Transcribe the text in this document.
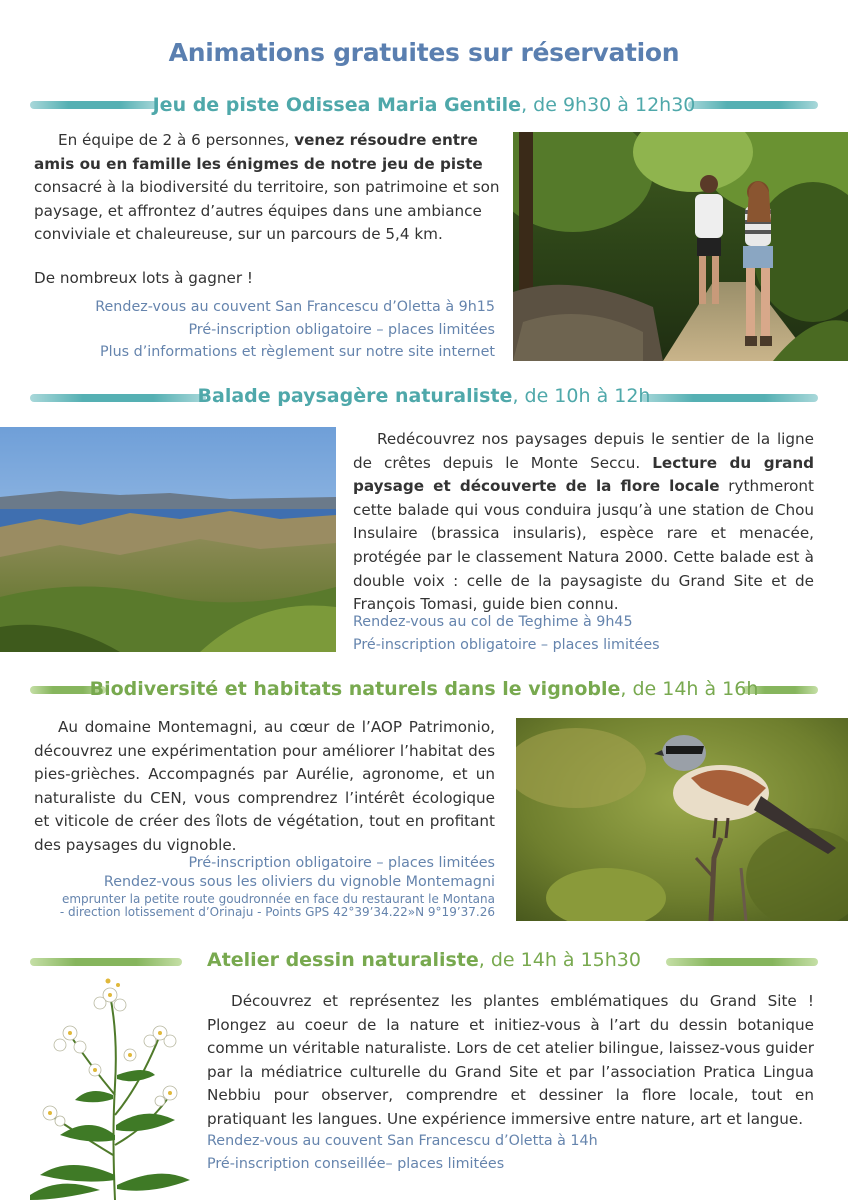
Animations gratuites sur réservation
Jeu de piste Odissea Maria Gentile, de 9h30 à 12h30
En équipe de 2 à 6 personnes, venez résoudre entre amis ou en famille les énigmes de notre jeu de piste consacré à la biodiversité du territoire, son patrimoine et son paysage, et affrontez d’autres équipes dans une ambiance conviviale et chaleureuse, sur un parcours de 5,4 km.
De nombreux lots à gagner !
Rendez-vous au couvent San Francescu d’Oletta à 9h15
Pré-inscription obligatoire – places limitées
Plus d’informations et règlement sur notre site internet
Balade paysagère naturaliste, de 10h à 12h
Redécouvrez nos paysages depuis le sentier de la ligne de crêtes depuis le Monte Seccu. Lecture du grand paysage et découverte de la flore locale rythmeront cette balade qui vous conduira jusqu’à une station de Chou Insulaire (brassica insularis), espèce rare et menacée, protégée par le classement Natura 2000. Cette balade est à double voix : celle de la paysagiste du Grand Site et de François Tomasi, guide bien connu.
Rendez-vous au col de Teghime à 9h45
Pré-inscription obligatoire – places limitées
Biodiversité et habitats naturels dans le vignoble, de 14h à 16h
Au domaine Montemagni, au cœur de l’AOP Patrimonio, découvrez une expérimentation pour améliorer l’habitat des pies-grièches. Accompagnés par Aurélie, agronome, et un naturaliste du CEN, vous comprendrez l’intérêt écologique et viticole de créer des îlots de végétation, tout en profitant des paysages du vignoble.
Pré-inscription obligatoire – places limitées
Rendez-vous sous les oliviers du vignoble Montemagni
emprunter la petite route goudronnée en face du restaurant le Montana
- direction lotissement d’Orinaju - Points GPS 42°39’34.22»N 9°19’37.26
Atelier dessin naturaliste, de 14h à 15h30
Découvrez et représentez les plantes emblématiques du Grand Site ! Plongez au coeur de la nature et initiez-vous à l’art du dessin botanique comme un véritable naturaliste. Lors de cet atelier bilingue, laissez-vous guider par la médiatrice culturelle du Grand Site et par l’association Pratica Lingua Nebbiu pour observer, comprendre et dessiner la flore locale, tout en pratiquant les langues. Une expérience immersive entre nature, art et langue.
Rendez-vous au couvent San Francescu d’Oletta à 14h
Pré-inscription conseillée– places limitées
